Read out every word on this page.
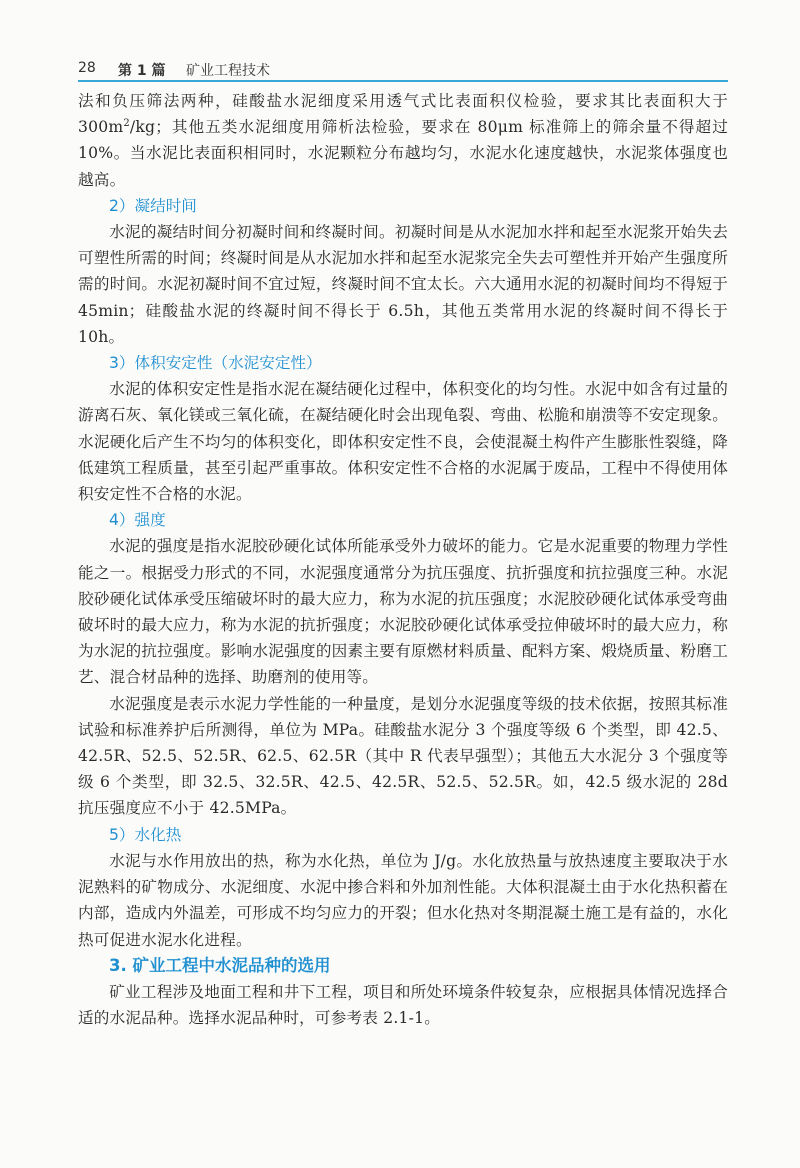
28 第 1 篇 矿业工程技术

法和负压筛法两种，硅酸盐水泥细度采用透气式比表面积仪检验，要求其比表面积大于$300m^2/kg$；其他五类水泥细度用筛析法检验，要求在 80μm 标准筛上的筛余量不得超过10%。当水泥比表面积相同时，水泥颗粒分布越均匀，水泥水化速度越快，水泥浆体强度也越高。

2）凝结时间

水泥的凝结时间分初凝时间和终凝时间。初凝时间是从水泥加水拌和起至水泥浆开始失去可塑性所需的时间；终凝时间是从水泥加水拌和起至水泥浆完全失去可塑性并开始产生强度所需的时间。水泥初凝时间不宜过短，终凝时间不宜太长。六大通用水泥的初凝时间均不得短于 45min；硅酸盐水泥的终凝时间不得长于 6.5h，其他五类常用水泥的终凝时间不得长于 10h。

3）体积安定性（水泥安定性）

水泥的体积安定性是指水泥在凝结硬化过程中，体积变化的均匀性。水泥中如含有过量的游离石灰、氧化镁或三氧化硫，在凝结硬化时会出现龟裂、弯曲、松脆和崩溃等不安定现象。水泥硬化后产生不均匀的体积变化，即体积安定性不良，会使混凝土构件产生膨胀性裂缝，降低建筑工程质量，甚至引起严重事故。体积安定性不合格的水泥属于废品，工程中不得使用体积安定性不合格的水泥。

4）强度

水泥的强度是指水泥胶砂硬化试体所能承受外力破坏的能力。它是水泥重要的物理力学性能之一。根据受力形式的不同，水泥强度通常分为抗压强度、抗折强度和抗拉强度三种。水泥胶砂硬化试体承受压缩破坏时的最大应力，称为水泥的抗压强度；水泥胶砂硬化试体承受弯曲破坏时的最大应力，称为水泥的抗折强度；水泥胶砂硬化试体承受拉伸破坏时的最大应力，称为水泥的抗拉强度。影响水泥强度的因素主要有原燃材料质量、配料方案、煅烧质量、粉磨工艺、混合材品种的选择、助磨剂的使用等。

水泥强度是表示水泥力学性能的一种量度，是划分水泥强度等级的技术依据，按照其标准试验和标准养护后所测得，单位为 MPa。硅酸盐水泥分 3 个强度等级 6 个类型，即 42.5、42.5R、52.5、52.5R、62.5、62.5R（其中 R 代表早强型）；其他五大水泥分 3 个强度等级 6 个类型，即 32.5、32.5R、42.5、42.5R、52.5、52.5R。如，42.5 级水泥的 28d 抗压强度应不小于 42.5MPa。

5）水化热

水泥与水作用放出的热，称为水化热，单位为 J/g。水化放热量与放热速度主要取决于水泥熟料的矿物成分、水泥细度、水泥中掺合料和外加剂性能。大体积混凝土由于水化热积蓄在内部，造成内外温差，可形成不均匀应力的开裂；但水化热对冬期混凝土施工是有益的，水化热可促进水泥水化进程。

3. 矿业工程中水泥品种的选用

矿业工程涉及地面工程和井下工程，项目和所处环境条件较复杂，应根据具体情况选择合适的水泥品种。选择水泥品种时，可参考表 2.1-1。
